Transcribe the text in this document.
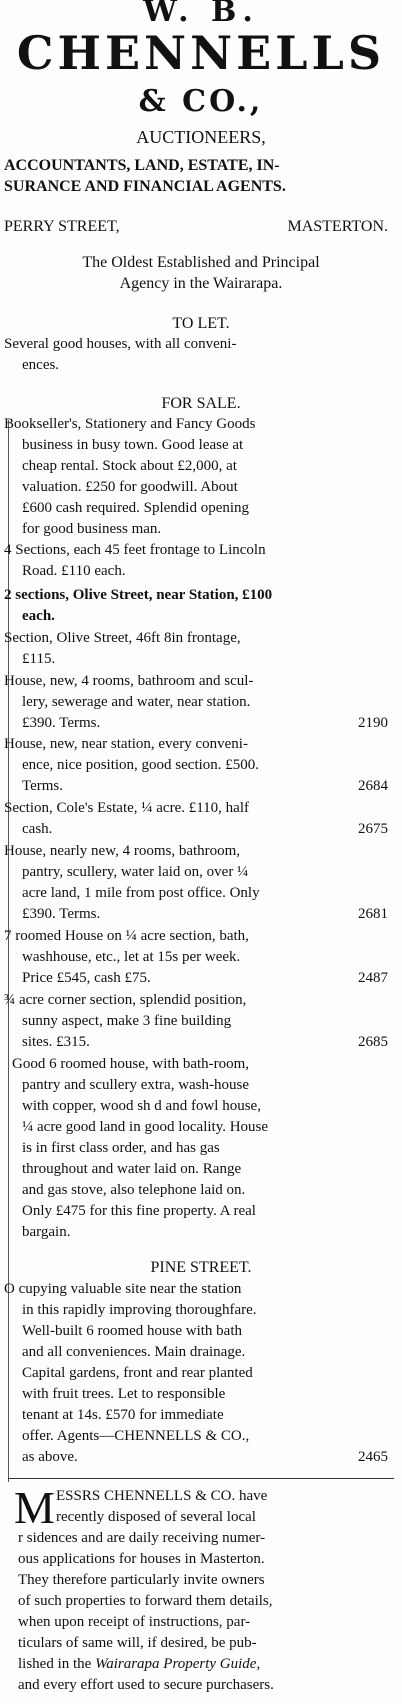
W. B.
CHENNELLS
& CO.,
AUCTIONEERS,
ACCOUNTANTS, LAND, ESTATE, IN-
SURANCE AND FINANCIAL AGENTS.
PERRY STREET,	MASTERTON.
The Oldest Established and Principal
Agency in the Wairarapa.
TO LET.
Several good houses, with all conveni-
ences.
FOR SALE.
Bookseller's, Stationery and Fancy Goods
business in busy town. Good lease at
cheap rental. Stock about £2,000, at
valuation. £250 for goodwill. About
£600 cash required. Splendid opening
for good business man.
4 Sections, each 45 feet frontage to Lincoln
Road. £110 each.
2 sections, Olive Street, near Station, £100
each.
Section, Olive Street, 46ft 8in frontage,
£115.
House, new, 4 rooms, bathroom and scul-
lery, sewerage and water, near station.
£390. Terms.	2190
House, new, near station, every conveni-
ence, nice position, good section. £500.
Terms.	2684
Section, Cole's Estate, ¼ acre. £110, half
cash.	2675
House, nearly new, 4 rooms, bathroom,
pantry, scullery, water laid on, over ¼
acre land, 1 mile from post office. Only
£390. Terms.	2681
7 roomed House on ¼ acre section, bath,
washhouse, etc., let at 15s per week.
Price £545, cash £75.	2487
¾ acre corner section, splendid position,
sunny aspect, make 3 fine building
sites. £315.	2685
Good 6 roomed house, with bath-room,
pantry and scullery extra, wash-house
with copper, wood sh d and fowl house,
¼ acre good land in good locality. House
is in first class order, and has gas
throughout and water laid on. Range
and gas stove, also telephone laid on.
Only £475 for this fine property. A real
bargain.
PINE STREET.
O cupying valuable site near the station
in this rapidly improving thoroughfare.
Well-built 6 roomed house with bath
and all conveniences. Main drainage.
Capital gardens, front and rear planted
with fruit trees. Let to responsible
tenant at 14s. £570 for immediate
offer. Agents—CHENNELLS & CO.,
as above.	2465
M ESSRS CHENNELLS & CO. have
recently disposed of several local
r sidences and are daily receiving numer-
ous applications for houses in Masterton.
They therefore particularly invite owners
of such properties to forward them details,
when upon receipt of instructions, par-
ticulars of same will, if desired, be pub-
lished in the Wairarapa Property Guide,
and every effort used to secure purchasers.
